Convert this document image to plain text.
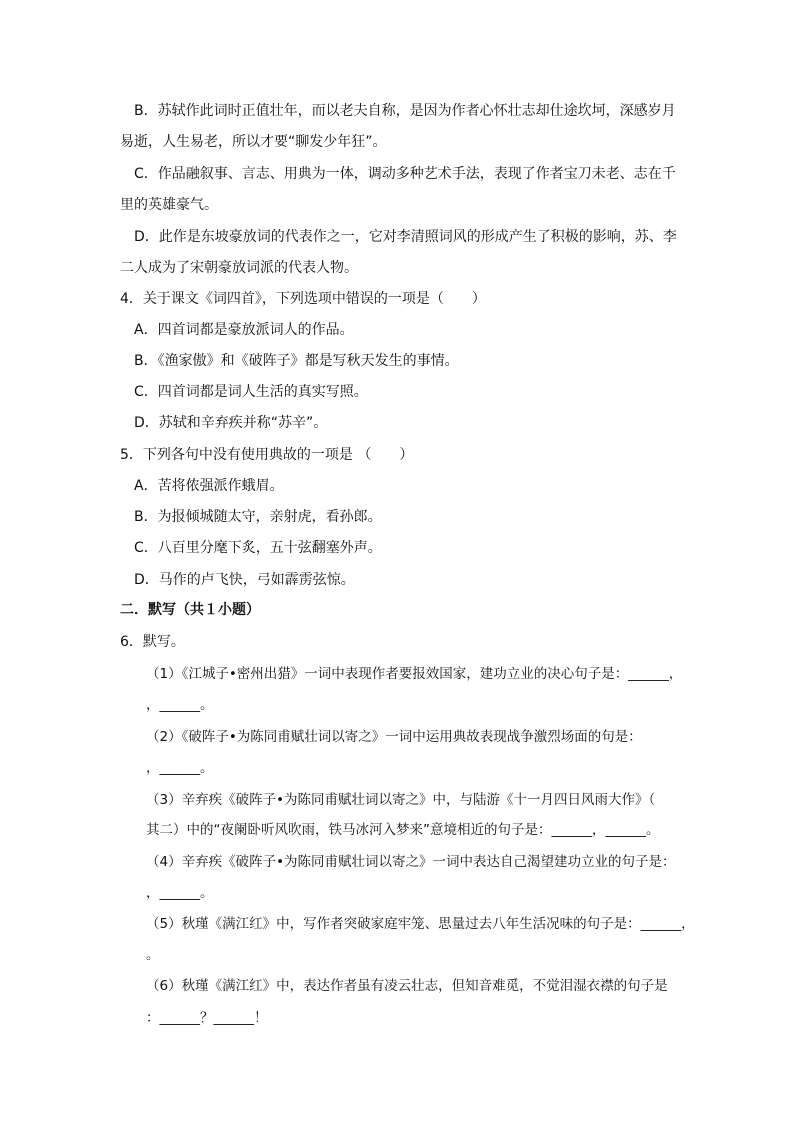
B．苏轼作此词时正值壮年，而以老夫自称，是因为作者心怀壮志却仕途坎坷，深感岁月
易逝，人生易老，所以才要“聊发少年狂”。
C．作品融叙事、言志、用典为一体，调动多种艺术手法，表现了作者宝刀未老、志在千
里的英雄豪气。
D．此作是东坡豪放词的代表作之一，它对李清照词风的形成产生了积极的影响，苏、李
二人成为了宋朝豪放词派的代表人物。
4．关于课文《词四首》，下列选项中错误的一项是（　　）
A．四首词都是豪放派词人的作品。
B．《渔家傲》和《破阵子》都是写秋天发生的事情。
C．四首词都是词人生活的真实写照。
D．苏轼和辛弃疾并称“苏辛”。
5．下列各句中没有使用典故的一项是 （　　）
A．苦将侬强派作蛾眉。
B．为报倾城随太守，亲射虎，看孙郎。
C．八百里分麾下炙，五十弦翻塞外声。
D．马作的卢飞快，弓如霹雳弦惊。
二．默写（共１小题）
6．默写。
（1）《江城子•密州出猎》一词中表现作者要报效国家，建功立业的决心句子是：______，
，______。
（2）《破阵子•为陈同甫赋壮词以寄之》一词中运用典故表现战争激烈场面的句是：
，______。
（3）辛弃疾《破阵子•为陈同甫赋壮词以寄之》中，与陆游《十一月四日风雨大作》（
其二）中的“夜阑卧听风吹雨，铁马冰河入梦来”意境相近的句子是：______，______。
（4）辛弃疾《破阵子•为陈同甫赋壮词以寄之》一词中表达自己渴望建功立业的句子是：
，______。
（5）秋瑾《满江红》中，写作者突破家庭牢笼、思量过去八年生活况味的句子是：______，
。
（6）秋瑾《满江红》中，表达作者虽有凌云壮志，但知音难觅，不觉泪湿衣襟的句子是
：______？______！
